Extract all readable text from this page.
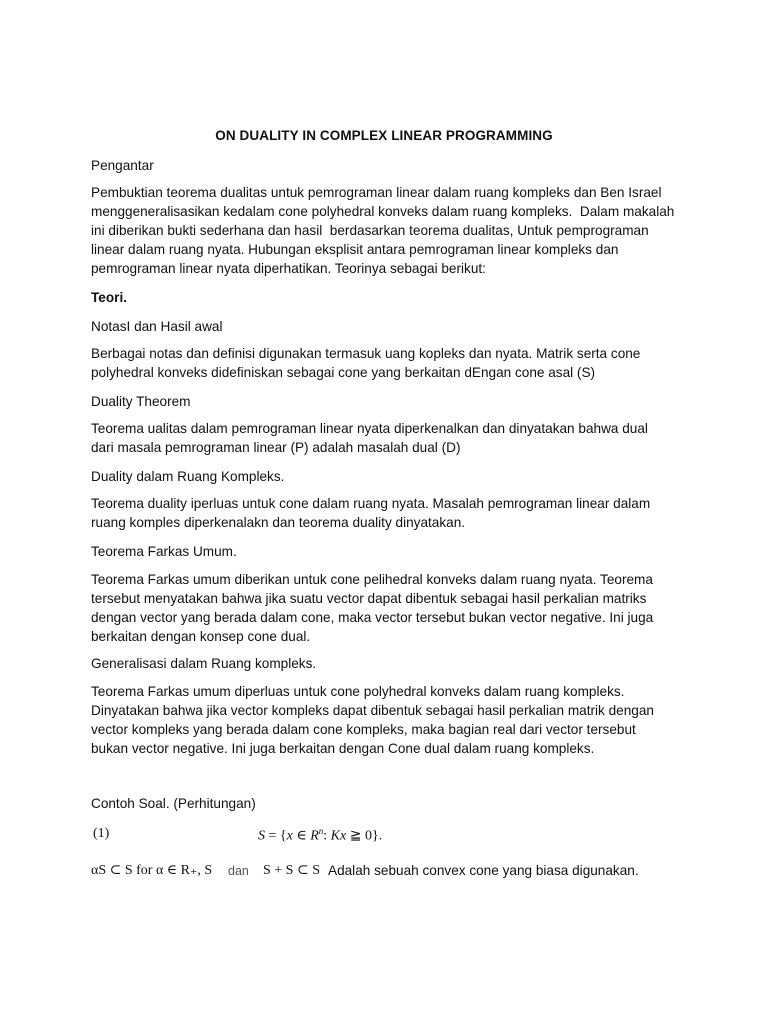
ON DUALITY IN COMPLEX LINEAR PROGRAMMING

Pengantar

Pembuktian teorema dualitas untuk pemrograman linear dalam ruang kompleks dan Ben Israel
menggeneralisasikan kedalam cone polyhedral konveks dalam ruang kompleks.  Dalam makalah
ini diberikan bukti sederhana dan hasil  berdasarkan teorema dualitas, Untuk pemprograman
linear dalam ruang nyata. Hubungan eksplisit antara pemrograman linear kompleks dan
pemrograman linear nyata diperhatikan. Teorinya sebagai berikut:

Teori.

NotasI dan Hasil awal

Berbagai notas dan definisi digunakan termasuk uang kopleks dan nyata. Matrik serta cone
polyhedral konveks didefiniskan sebagai cone yang berkaitan dEngan cone asal (S)

Duality Theorem

Teorema ualitas dalam pemrograman linear nyata diperkenalkan dan dinyatakan bahwa dual
dari masala pemrograman linear (P) adalah masalah dual (D)

Duality dalam Ruang Kompleks.

Teorema duality iperluas untuk cone dalam ruang nyata. Masalah pemrograman linear dalam
ruang komples diperkenalakn dan teorema duality dinyatakan.

Teorema Farkas Umum.

Teorema Farkas umum diberikan untuk cone pelihedral konveks dalam ruang nyata. Teorema
tersebut menyatakan bahwa jika suatu vector dapat dibentuk sebagai hasil perkalian matriks
dengan vector yang berada dalam cone, maka vector tersebut bukan vector negative. Ini juga
berkaitan dengan konsep cone dual.

Generalisasi dalam Ruang kompleks.

Teorema Farkas umum diperluas untuk cone polyhedral konveks dalam ruang kompleks.
Dinyatakan bahwa jika vector kompleks dapat dibentuk sebagai hasil perkalian matrik dengan
vector kompleks yang berada dalam cone kompleks, maka bagian real dari vector tersebut
bukan vector negative. Ini juga berkaitan dengan Cone dual dalam ruang kompleks.

Contoh Soal. (Perhitungan)

(1)	S = {x ∈ $R^n$: Kx ≧ 0}.
αS ⊂ S for α ∈ R₊, S dan S + S ⊂ S Adalah sebuah convex cone yang biasa digunakan.
